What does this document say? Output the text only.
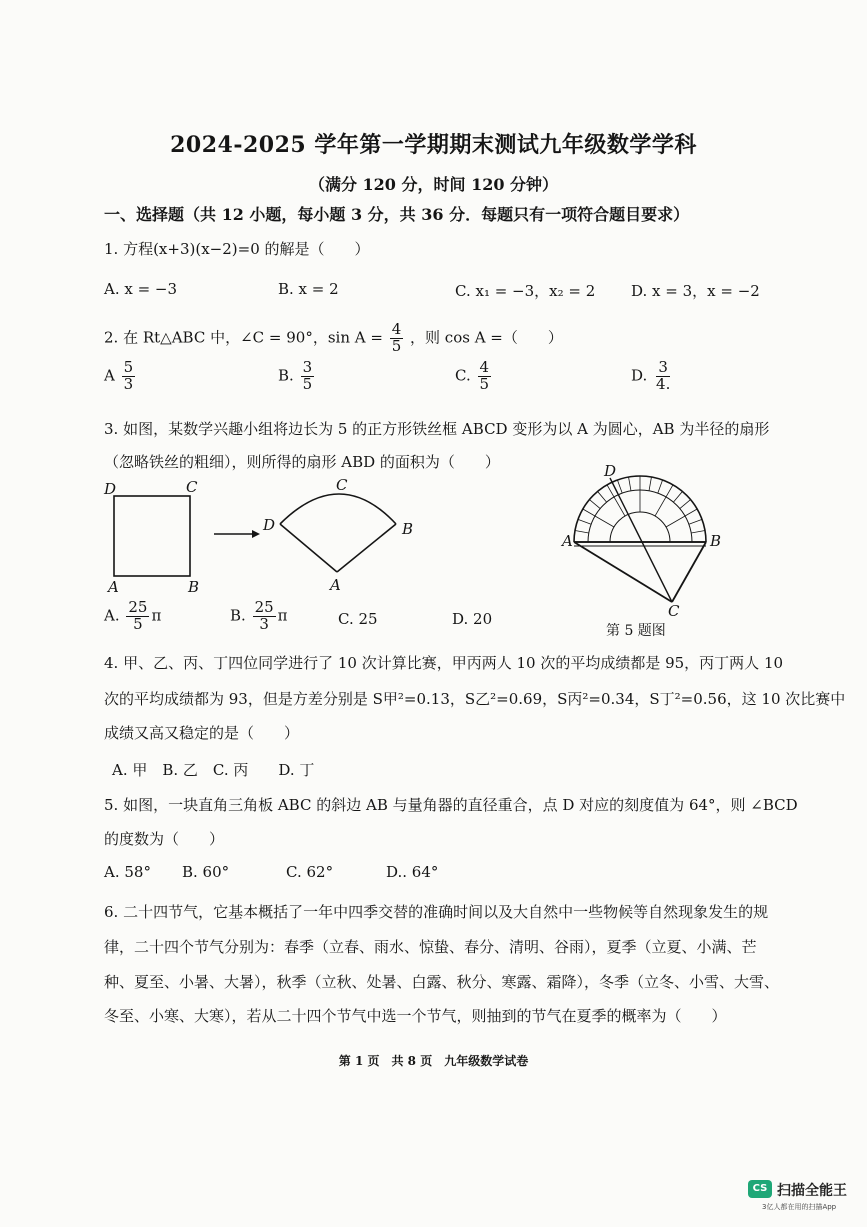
2024-2025 学年第一学期期末测试九年级数学学科
（满分 120 分，时间 120 分钟）
一、选择题（共 12 小题，每小题 3 分，共 36 分．每题只有一项符合题目要求）
1. 方程(x+3)(x−2)=0 的解是（　　）
A. x = −3	B. x = 2	C. x₁ = −3，x₂ = 2 D. x = 3，x = −2
2. 在 Rt△ABC 中，∠C = 90°，$\sin A = \frac{4}{5}$ ，则 cos A =（　　）
A $\frac{5}{3}$	B. $\frac{3}{5}$	C. $\frac{4}{5}$	D. $\frac{3}{4.}$
3. 如图，某数学兴趣小组将边长为 5 的正方形铁丝框 ABCD 变形为以 A 为圆心，AB 为半径的扇形
（忽略铁丝的粗细），则所得的扇形 ABD 的面积为（　　）
D	C
A	B
C
D	B
A
A. $\frac{25}{5}$ π	B. $\frac{25}{3}$ π	C. 25	D. 20
D
A	B
C
第 5 题图
4. 甲、乙、丙、丁四位同学进行了 10 次计算比赛，甲丙两人 10 次的平均成绩都是 95，丙丁两人 10
次的平均成绩都为 93，但是方差分别是 S甲²=0.13，S乙²=0.69，S丙²=0.34，S丁²=0.56，这 10 次比赛中
成绩又高又稳定的是（　　）
A. 甲　B. 乙　C. 丙　　D. 丁
5. 如图，一块直角三角板 ABC 的斜边 AB 与量角器的直径重合，点 D 对应的刻度值为 64°，则 ∠BCD
的度数为（　　）
A. 58° B. 60°	C. 62°	D.. 64°
6. 二十四节气，它基本概括了一年中四季交替的准确时间以及大自然中一些物候等自然现象发生的规
律，二十四个节气分别为：春季（立春、雨水、惊蛰、春分、清明、谷雨），夏季（立夏、小满、芒
种、夏至、小暑、大暑），秋季（立秋、处暑、白露、秋分、寒露、霜降），冬季（立冬、小雪、大雪、
冬至、小寒、大寒），若从二十四个节气中选一个节气，则抽到的节气在夏季的概率为（　　）
第 1 页　共 8 页　九年级数学试卷
CS 扫描全能王
3亿人都在用的扫描App
